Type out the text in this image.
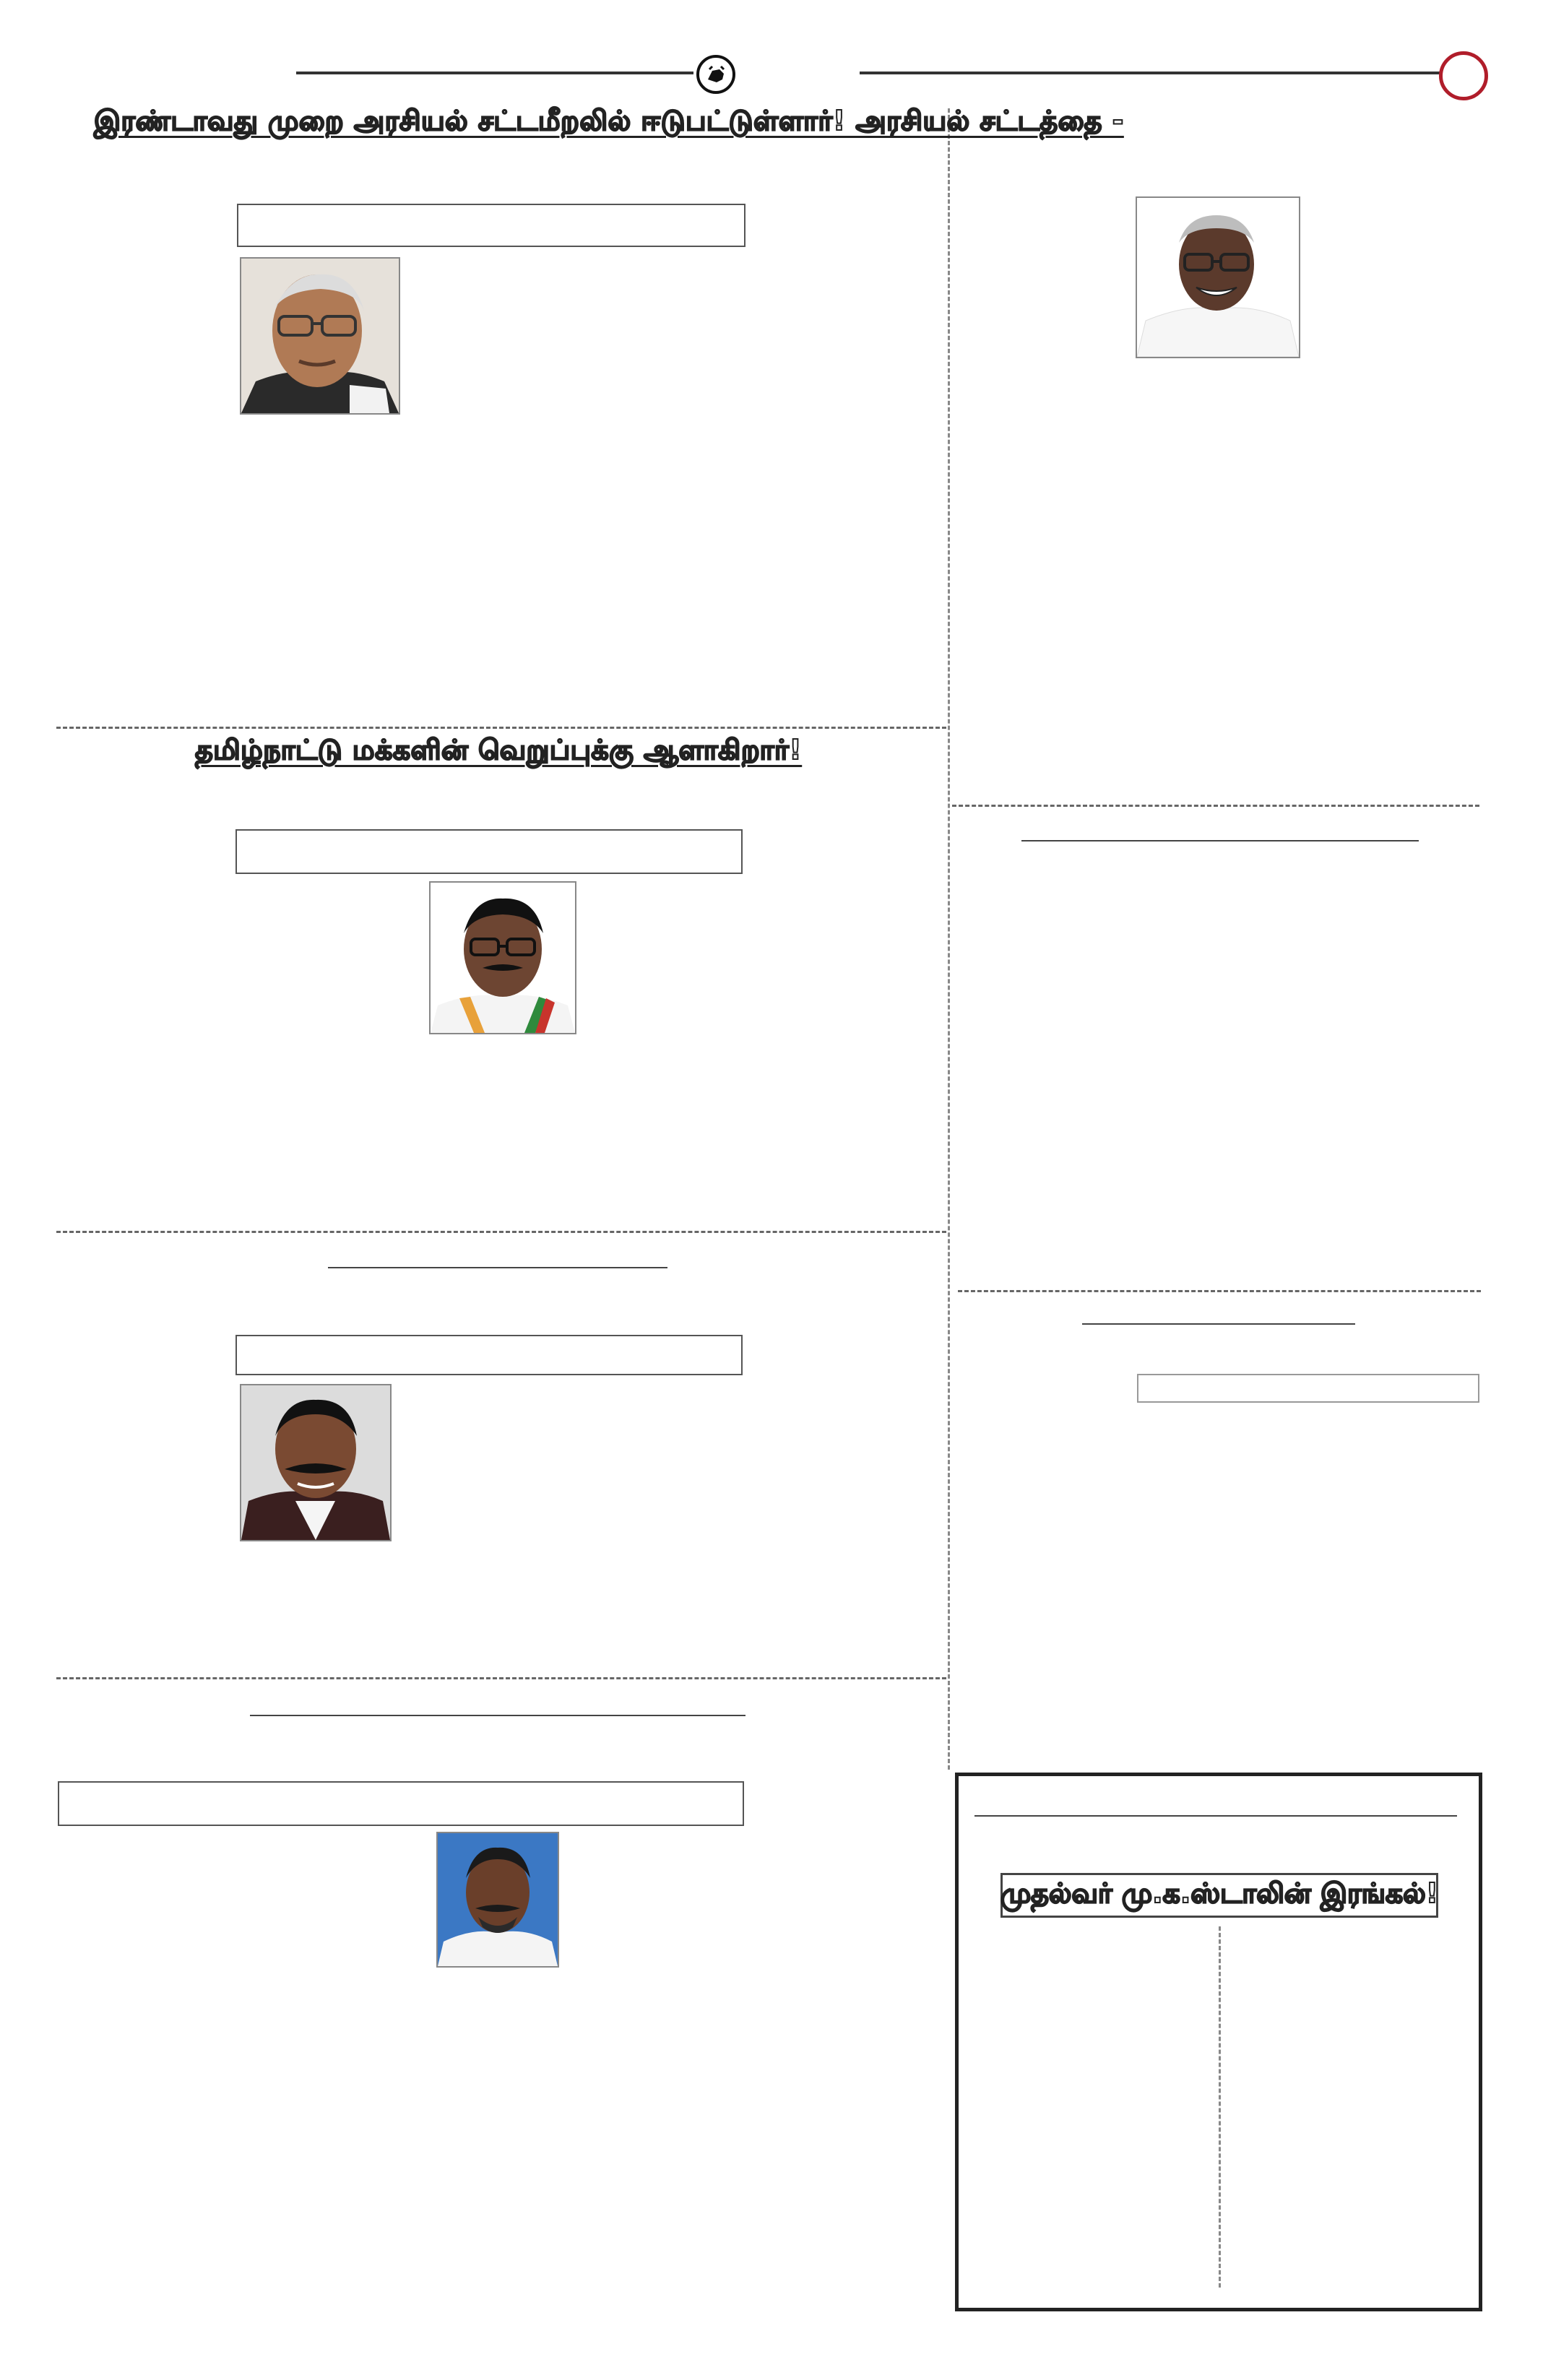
இரண்டாவது முறை அரசியல் சட்டமீறலில் ஈடுபட்டுள்ளார்! அரசியல் சட்டத்தை -
தமிழ்நாட்டு மக்களின் வெறுப்புக்கு ஆளாகிறார்!
முதல்வர் மு.க.ஸ்டாலின் இரங்கல்!
